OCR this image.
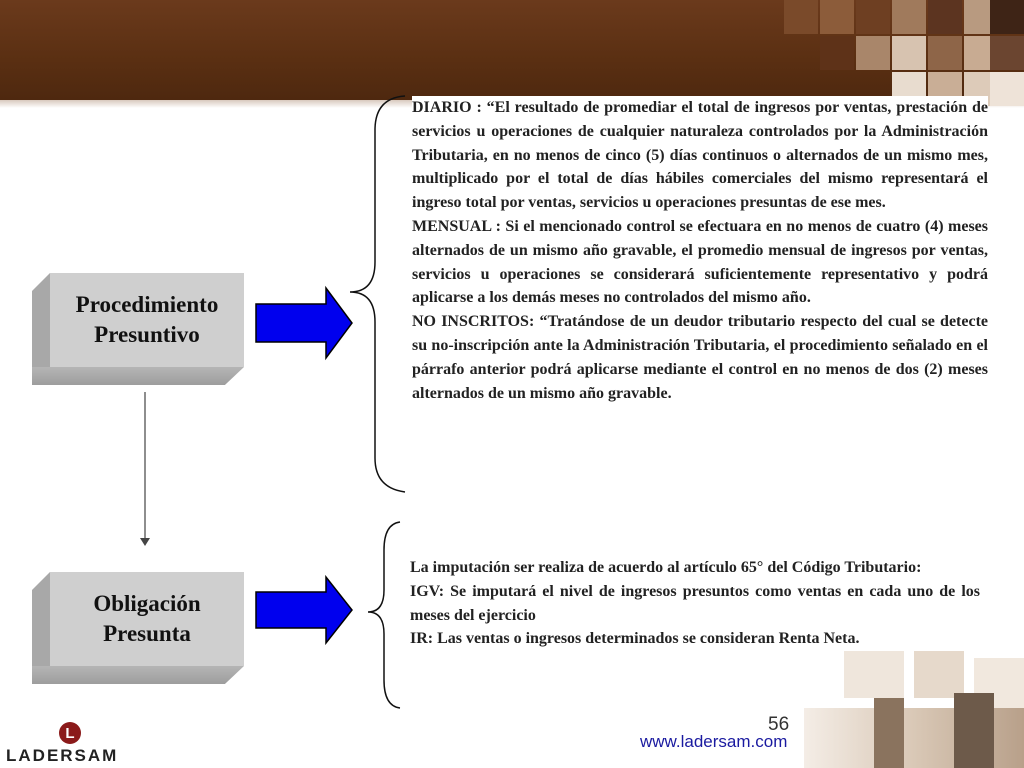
Procedimiento
Presuntivo
Obligación
Presunta

DIARIO : “El resultado de promediar el total de ingresos por ventas, prestación de servicios u operaciones de cualquier naturaleza controlados por la Administración Tributaria, en no menos de cinco (5) días continuos o alternados de un mismo mes, multiplicado por el total de días hábiles comerciales del mismo representará el ingreso total por ventas, servicios u operaciones presuntas de ese mes.

MENSUAL : Si el mencionado control se efectuara en no menos de cuatro (4) meses alternados de un mismo año gravable, el promedio mensual de ingresos por ventas, servicios u operaciones se considerará suficientemente representativo y podrá aplicarse a los demás meses no controlados del mismo año.

NO INSCRITOS: “Tratándose de un deudor tributario respecto del cual se detecte su no-inscripción ante la Administración Tributaria, el procedimiento señalado en el párrafo anterior podrá aplicarse mediante el control en no menos de dos (2) meses alternados de un mismo año gravable.

La imputación ser realiza de acuerdo al artículo 65° del Código Tributario:

IGV: Se imputará el nivel de ingresos presuntos como ventas en cada uno de los meses del ejercicio

IR: Las ventas o ingresos determinados se consideran Renta Neta.

56
www.ladersam.com
L
LADERSAM
